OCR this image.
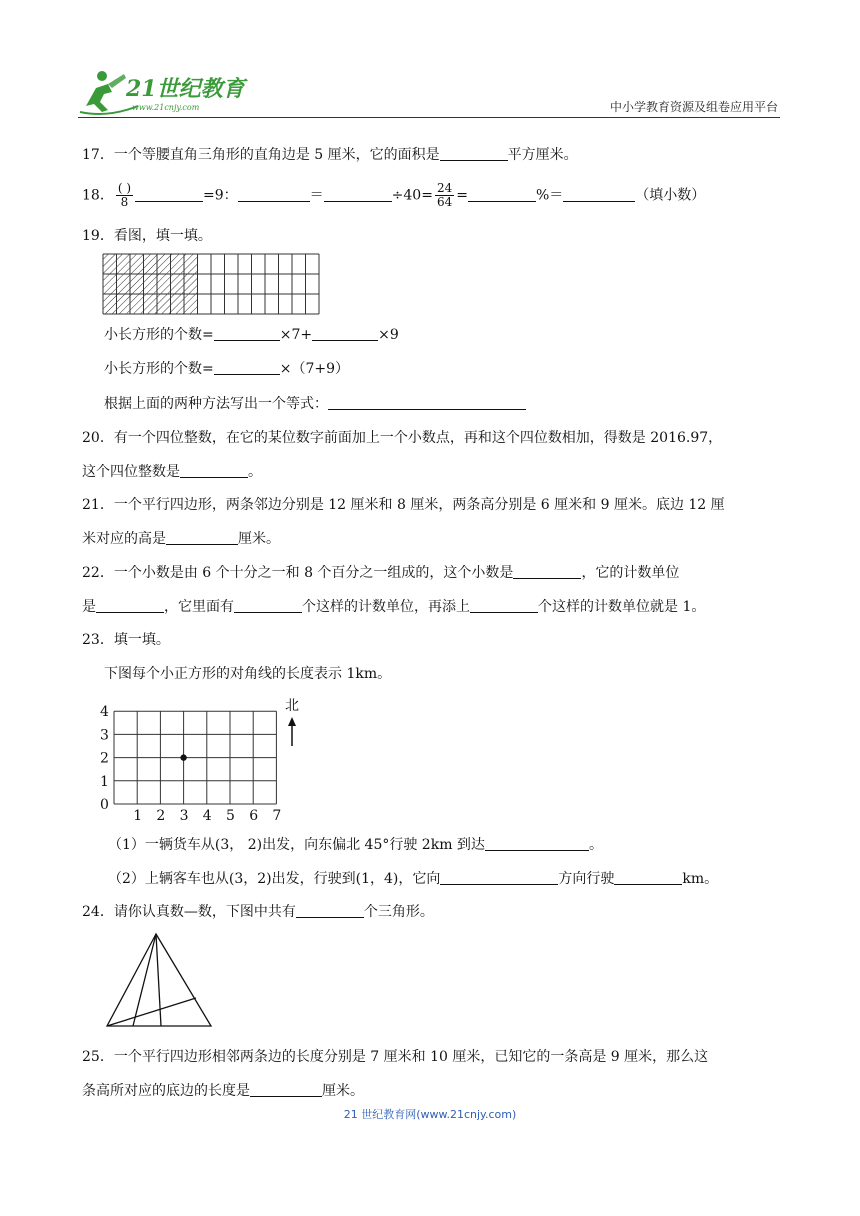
21世纪教育
www.21cnjy.com	中小学教育资源及组卷应用平台
17．一个等腰直角三角形的直角边是 5 厘米，它的面积是	平方厘米。
18． $\frac{( )}{8}$	=9：	＝	$\div 40= \frac{24}{64}$ =	%＝	（填小数）
19．看图，填一填。
小长方形的个数=	×7+	×9
小长方形的个数=	×（7+9）
根据上面的两种方法写出一个等式：
20．有一个四位整数，在它的某位数字前面加上一个小数点，再和这个四位数相加，得数是 2016.97，
这个四位整数是	。
21．一个平行四边形，两条邻边分别是 12 厘米和 8 厘米，两条高分别是 6 厘米和 9 厘米。底边 12 厘
米对应的高是	厘米。
22．一个小数是由 6 个十分之一和 8 个百分之一组成的，这个小数是	，它的计数单位
是	，它里面有	个这样的计数单位，再添上	个这样的计数单位就是 1。
23．填一填。
下图每个小正方形的对角线的长度表示 1km。
0
1
2
3
4
1 2 3 4 5 6 7
北
（1）一辆货车从(3， 2)出发，向东偏北 45°行驶 2km 到达	。
（2）上辆客车也从(3，2)出发，行驶到(1，4)，它向	方向行驶	km。
24．请你认真数—数，下图中共有	个三角形。
25．一个平行四边形相邻两条边的长度分别是 7 厘米和 10 厘米，已知它的一条高是 9 厘米，那么这
条高所对应的底边的长度是	厘米。
21 世纪教育网(www.21cnjy.com)
